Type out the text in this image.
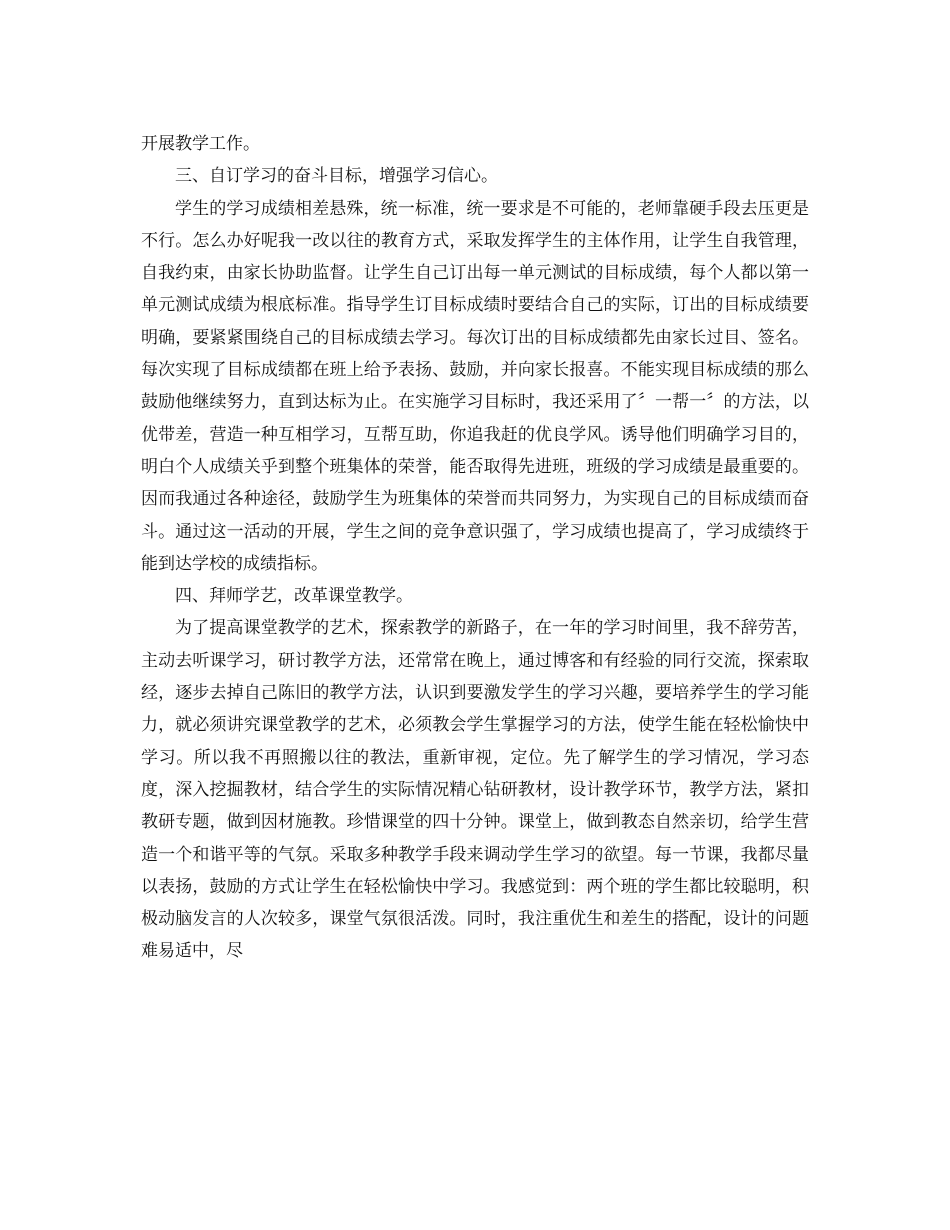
开展教学工作。

三、自订学习的奋斗目标，增强学习信心。

学生的学习成绩相差悬殊，统一标准，统一要求是不可能的，老师靠硬手段去压更是不行。怎么办好呢我一改以往的教育方式，采取发挥学生的主体作用，让学生自我管理，自我约束，由家长协助监督。让学生自己订出每一单元测试的目标成绩，每个人都以第一单元测试成绩为根底标准。指导学生订目标成绩时要结合自己的实际，订出的目标成绩要明确，要紧紧围绕自己的目标成绩去学习。每次订出的目标成绩都先由家长过目、签名。每次实现了目标成绩都在班上给予表扬、鼓励，并向家长报喜。不能实现目标成绩的那么鼓励他继续努力，直到达标为止。在实施学习目标时，我还采用了〞一帮一〞的方法，以优带差，营造一种互相学习，互帮互助，你追我赶的优良学风。诱导他们明确学习目的，明白个人成绩关乎到整个班集体的荣誉，能否取得先进班，班级的学习成绩是最重要的。因而我通过各种途径，鼓励学生为班集体的荣誉而共同努力，为实现自己的目标成绩而奋斗。通过这一活动的开展，学生之间的竞争意识强了，学习成绩也提高了，学习成绩终于能到达学校的成绩指标。

四、拜师学艺，改革课堂教学。

为了提高课堂教学的艺术，探索教学的新路子，在一年的学习时间里，我不辞劳苦，主动去听课学习，研讨教学方法，还常常在晚上，通过博客和有经验的同行交流，探索取经，逐步去掉自己陈旧的教学方法，认识到要激发学生的学习兴趣，要培养学生的学习能力，就必须讲究课堂教学的艺术，必须教会学生掌握学习的方法，使学生能在轻松愉快中学习。所以我不再照搬以往的教法，重新审视，定位。先了解学生的学习情况，学习态度，深入挖掘教材，结合学生的实际情况精心钻研教材，设计教学环节，教学方法，紧扣教研专题，做到因材施教。珍惜课堂的四十分钟。课堂上，做到教态自然亲切，给学生营造一个和谐平等的气氛。采取多种教学手段来调动学生学习的欲望。每一节课，我都尽量以表扬，鼓励的方式让学生在轻松愉快中学习。我感觉到：两个班的学生都比较聪明，积极动脑发言的人次较多，课堂气氛很活泼。同时，我注重优生和差生的搭配，设计的问题难易适中，尽
